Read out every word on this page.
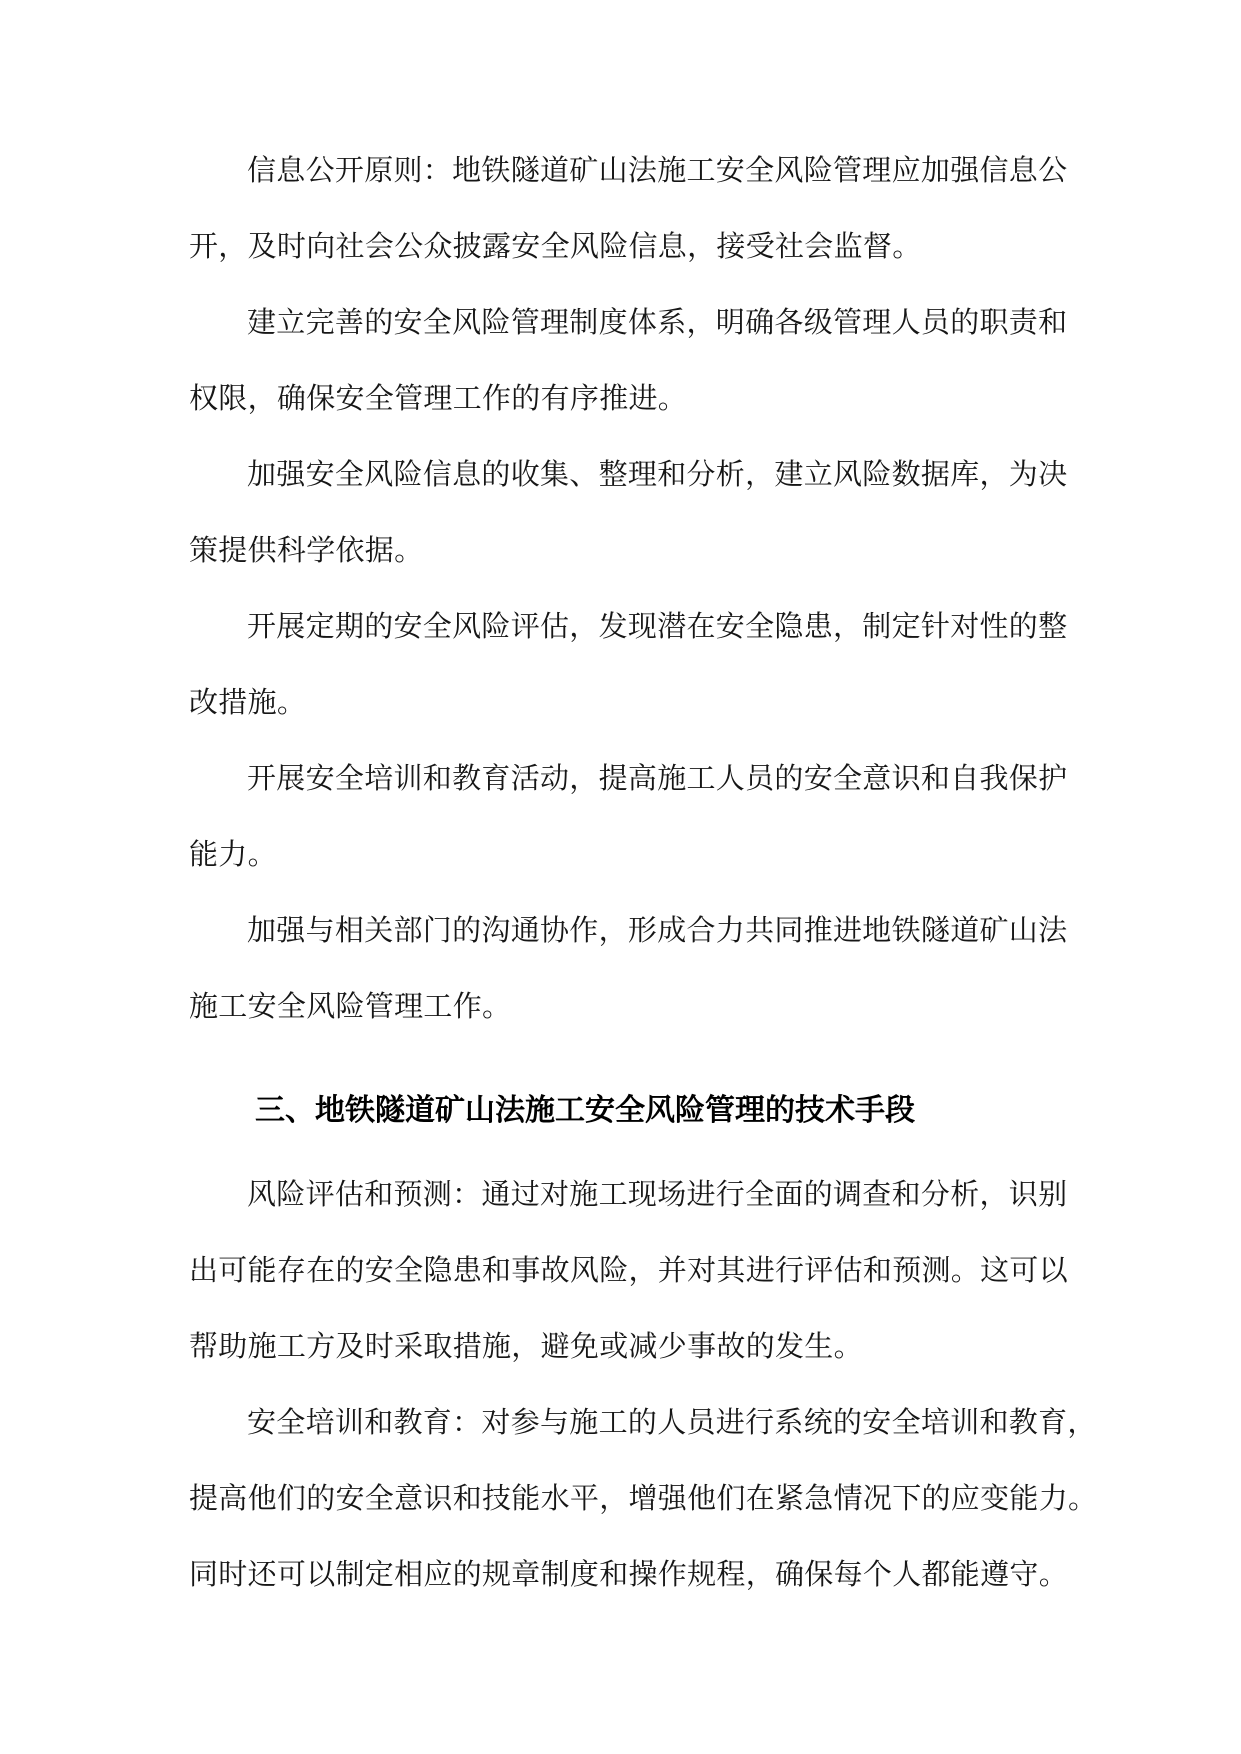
信息公开原则：地铁隧道矿山法施工安全风险管理应加强信息公
开，及时向社会公众披露安全风险信息，接受社会监督。
建立完善的安全风险管理制度体系，明确各级管理人员的职责和
权限，确保安全管理工作的有序推进。
加强安全风险信息的收集、整理和分析，建立风险数据库，为决
策提供科学依据。
开展定期的安全风险评估，发现潜在安全隐患，制定针对性的整
改措施。
开展安全培训和教育活动，提高施工人员的安全意识和自我保护
能力。
加强与相关部门的沟通协作，形成合力共同推进地铁隧道矿山法
施工安全风险管理工作。
三、地铁隧道矿山法施工安全风险管理的技术手段
风险评估和预测：通过对施工现场进行全面的调查和分析，识别
出可能存在的安全隐患和事故风险，并对其进行评估和预测。这可以
帮助施工方及时采取措施，避免或减少事故的发生。
安全培训和教育：对参与施工的人员进行系统的安全培训和教育，
提高他们的安全意识和技能水平，增强他们在紧急情况下的应变能力。
同时还可以制定相应的规章制度和操作规程，确保每个人都能遵守。
